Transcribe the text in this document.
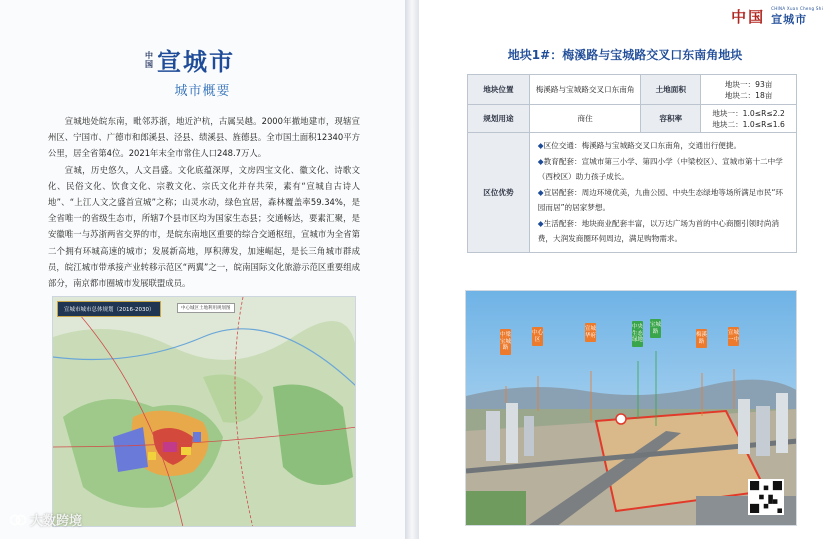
中
国 宣城市
城市概要

宣城地处皖东南，毗邻苏浙，地近沪杭，古属吴越。2000年撤地建市，现辖宣州区、宁国市、广德市和郎溪县、泾县、绩溪县、旌德县。全市国土面积12340平方公里，居全省第4位。2021年末全市常住人口248.7万人。

宣城，历史悠久，人文昌盛。文化底蕴深厚，文房四宝文化、徽文化、诗歌文化、民俗文化、饮食文化、宗教文化、宗氏文化并存共荣，素有“宣城自古诗人地”、“上江人文之盛首宣城”之称；山灵水动，绿色宜居，森林覆盖率59.34%，是全省唯一的省级生态市，所辖7个县市区均为国家生态县；交通畅达，要素汇聚，是安徽唯一与苏浙两省交界的市，是皖东南地区重要的综合交通枢纽，宣城市为全省第二个拥有环城高速的城市；发展新高地，厚积薄发，加速崛起，是长三角城市群成员，皖江城市带承接产业转移示范区“两翼”之一，皖南国际文化旅游示范区重要组成部分，南京都市圈城市发展联盟成员。

宣城市城市总体规划（2016-2030）	中心城区土地利用规划图
大数跨境
中国 CHINA Xuan Cheng Shi
宣城市
地块1#：梅溪路与宝城路交叉口东南角地块
地块位置	梅溪路与宝城路交叉口东南角	土地面积	地块一：93亩
地块二：18亩

规划用途	商住	容积率	地块一：1.0≤R≤2.2
地块二：1.0≤R≤1.6

区位优势	◆区位交通：梅溪路与宝城路交叉口东南角，交通出行便捷。
◆教育配套：宣城市第三小学、第四小学（中梁校区）、宣城市第十二中学（西校区）助力孩子成长。
◆宜居配套：周边环境优美，九曲公园、中央生态绿地等场所满足市民“环园而居”的居家梦想。
◆生活配套：地块商业配套丰富，以万达广场为首的中心商圈引领时尚消费，大润发商圈环伺周边，满足购物需求。		
中梁宝城路
中心区
宣城华府
中央生态绿地
宝城路
梅溪路
宣城一中
